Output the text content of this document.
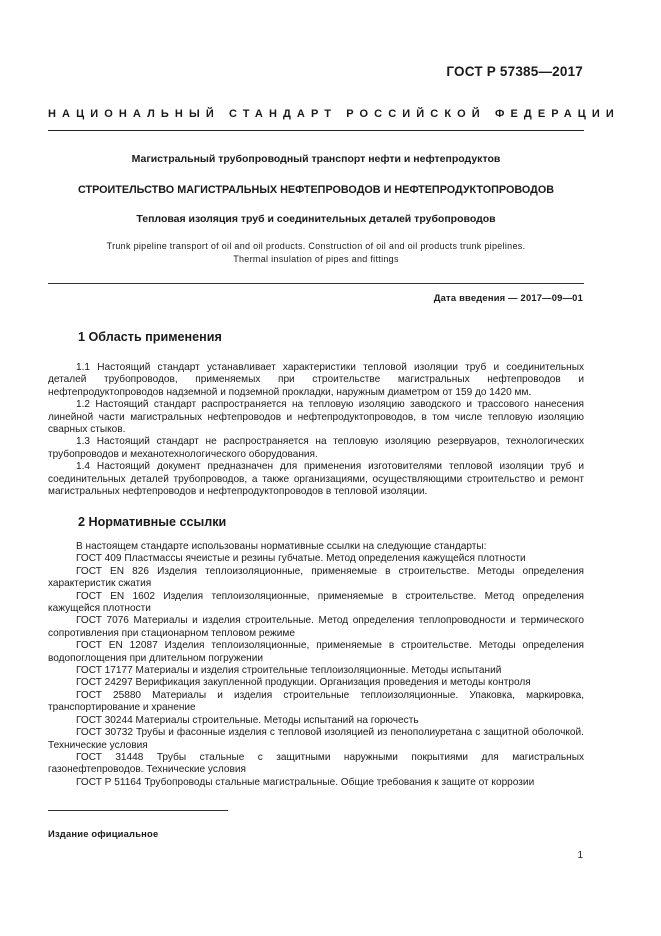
ГОСТ Р 57385—2017
НАЦИОНАЛЬНЫЙ СТАНДАРТ РОССИЙСКОЙ ФЕДЕРАЦИИ
Магистральный трубопроводный транспорт нефти и нефтепродуктов
СТРОИТЕЛЬСТВО МАГИСТРАЛЬНЫХ НЕФТЕПРОВОДОВ И НЕФТЕПРОДУКТОПРОВОДОВ
Тепловая изоляция труб и соединительных деталей трубопроводов
Trunk pipeline transport of oil and oil products. Construction of oil and oil products trunk pipelines.
Thermal insulation of pipes and fittings
Дата введения — 2017—09—01
1 Область применения

1.1 Настоящий стандарт устанавливает характеристики тепловой изоляции труб и соединительных деталей трубопроводов, применяемых при строительстве магистральных нефтепроводов и нефтепродуктопроводов надземной и подземной прокладки, наружным диаметром от 159 до 1420 мм.

1.2 Настоящий стандарт распространяется на тепловую изоляцию заводского и трассового нанесения линейной части магистральных нефтепроводов и нефтепродуктопроводов, в том числе тепловую изоляцию сварных стыков.

1.3 Настоящий стандарт не распространяется на тепловую изоляцию резервуаров, технологических трубопроводов и механотехнологического оборудования.

1.4 Настоящий документ предназначен для применения изготовителями тепловой изоляции труб и соединительных деталей трубопроводов, а также организациями, осуществляющими строительство и ремонт магистральных нефтепроводов и нефтепродуктопроводов в тепловой изоляции.

2 Нормативные ссылки

В настоящем стандарте использованы нормативные ссылки на следующие стандарты:

ГОСТ 409 Пластмассы ячеистые и резины губчатые. Метод определения кажущейся плотности

ГОСТ EN 826 Изделия теплоизоляционные, применяемые в строительстве. Методы определения характеристик сжатия

ГОСТ EN 1602 Изделия теплоизоляционные, применяемые в строительстве. Метод определения кажущейся плотности

ГОСТ 7076 Материалы и изделия строительные. Метод определения теплопроводности и термического сопротивления при стационарном тепловом режиме

ГОСТ EN 12087 Изделия теплоизоляционные, применяемые в строительстве. Методы определения водопоглощения при длительном погружении

ГОСТ 17177 Материалы и изделия строительные теплоизоляционные. Методы испытаний

ГОСТ 24297 Верификация закупленной продукции. Организация проведения и методы контроля

ГОСТ 25880 Материалы и изделия строительные теплоизоляционные. Упаковка, маркировка, транспортирование и хранение

ГОСТ 30244 Материалы строительные. Методы испытаний на горючесть

ГОСТ 30732 Трубы и фасонные изделия с тепловой изоляцией из пенополиуретана с защитной оболочкой. Технические условия

ГОСТ 31448 Трубы стальные с защитными наружными покрытиями для магистральных газонефтепроводов. Технические условия

ГОСТ Р 51164 Трубопроводы стальные магистральные. Общие требования к защите от коррозии

Издание официальное
1
